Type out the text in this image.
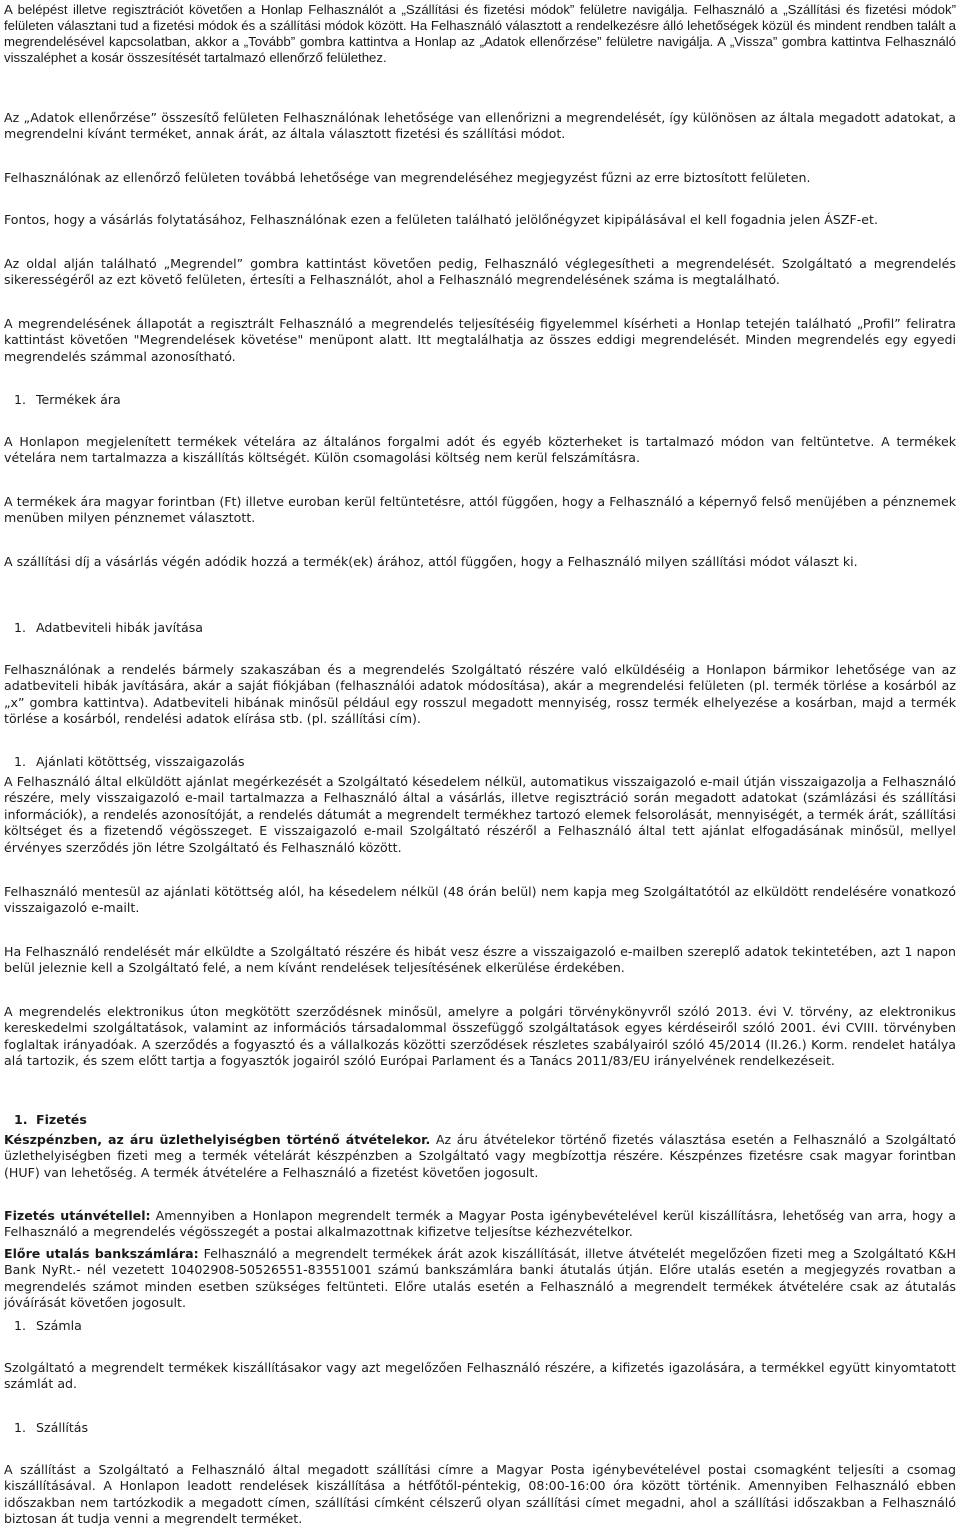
A belépést illetve regisztrációt követően a Honlap Felhasználót a „Szállítási és fizetési módok” felületre navigálja. Felhasználó a „Szállítási és fizetési módok” felületen választani tud a fizetési módok és a szállítási módok között. Ha Felhasználó választott a rendelkezésre álló lehetőségek közül és mindent rendben talált a megrendelésével kapcsolatban, akkor a „Tovább” gombra kattintva a Honlap az „Adatok ellenőrzése” felületre navigálja. A „Vissza” gombra kattintva Felhasználó visszaléphet a kosár összesítését tartalmazó ellenőrző felülethez.

Az „Adatok ellenőrzése” összesítő felületen Felhasználónak lehetősége van ellenőrizni a megrendelését, így különösen az általa megadott adatokat, a megrendelni kívánt terméket, annak árát, az általa választott fizetési és szállítási módot.

Felhasználónak az ellenőrző felületen továbbá lehetősége van megrendeléséhez megjegyzést fűzni az erre biztosított felületen.

Fontos, hogy a vásárlás folytatásához, Felhasználónak ezen a felületen található jelölőnégyzet kipipálásával el kell fogadnia jelen ÁSZF-et.

Az oldal alján található „Megrendel” gombra kattintást követően pedig, Felhasználó véglegesítheti a megrendelését. Szolgáltató a megrendelés sikerességéről az ezt követő felületen, értesíti a Felhasználót, ahol a Felhasználó megrendelésének száma is megtalálható.

A megrendelésének állapotát a regisztrált Felhasználó a megrendelés teljesítéséig figyelemmel kísérheti a Honlap tetején található „Profil” feliratra kattintást követően "Megrendelések követése" menüpont alatt. Itt megtalálhatja az összes eddigi megrendelését. Minden megrendelés egy egyedi megrendelés számmal azonosítható.

1. Termékek ára

A Honlapon megjelenített termékek vételára az általános forgalmi adót és egyéb közterheket is tartalmazó módon van feltüntetve. A termékek vételára nem tartalmazza a kiszállítás költségét. Külön csomagolási költség nem kerül felszámításra.

A termékek ára magyar forintban (Ft) illetve euroban kerül feltüntetésre, attól függően, hogy a Felhasználó a képernyő felső menüjében a pénznemek menüben milyen pénznemet választott.

A szállítási díj a vásárlás végén adódik hozzá a termék(ek) árához, attól függően, hogy a Felhasználó milyen szállítási módot választ ki.

1. Adatbeviteli hibák javítása

Felhasználónak a rendelés bármely szakaszában és a megrendelés Szolgáltató részére való elküldéséig a Honlapon bármikor lehetősége van az adatbeviteli hibák javítására, akár a saját fiókjában (felhasználói adatok módosítása), akár a megrendelési felületen (pl. termék törlése a kosárból az „x” gombra kattintva). Adatbeviteli hibának minősül például egy rosszul megadott mennyiség, rossz termék elhelyezése a kosárban, majd a termék törlése a kosárból, rendelési adatok elírása stb. (pl. szállítási cím).

1. Ajánlati kötöttség, visszaigazolás

A Felhasználó által elküldött ajánlat megérkezését a Szolgáltató késedelem nélkül, automatikus visszaigazoló e-mail útján visszaigazolja a Felhasználó részére, mely visszaigazoló e-mail tartalmazza a Felhasználó által a vásárlás, illetve regisztráció során megadott adatokat (számlázási és szállítási információk), a rendelés azonosítóját, a rendelés dátumát a megrendelt termékhez tartozó elemek felsorolását, mennyiségét, a termék árát, szállítási költséget és a fizetendő végösszeget. E visszaigazoló e-mail Szolgáltató részéről a Felhasználó által tett ajánlat elfogadásának minősül, mellyel érvényes szerződés jön létre Szolgáltató és Felhasználó között.

Felhasználó mentesül az ajánlati kötöttség alól, ha késedelem nélkül (48 órán belül) nem kapja meg Szolgáltatótól az elküldött rendelésére vonatkozó visszaigazoló e-mailt.

Ha Felhasználó rendelését már elküldte a Szolgáltató részére és hibát vesz észre a visszaigazoló e-mailben szereplő adatok tekintetében, azt 1 napon belül jeleznie kell a Szolgáltató felé, a nem kívánt rendelések teljesítésének elkerülése érdekében.

A megrendelés elektronikus úton megkötött szerződésnek minősül, amelyre a polgári törvénykönyvről szóló 2013. évi V. törvény, az elektronikus kereskedelmi szolgáltatások, valamint az információs társadalommal összefüggő szolgáltatások egyes kérdéseiről szóló 2001. évi CVIII. törvényben foglaltak irányadóak. A szerződés a fogyasztó és a vállalkozás közötti szerződések részletes szabályairól szóló 45/2014 (II.26.) Korm. rendelet hatálya alá tartozik, és szem előtt tartja a fogyasztók jogairól szóló Európai Parlament és a Tanács 2011/83/EU irányelvének rendelkezéseit.

1. Fizetés

Készpénzben, az áru üzlethelyiségben történő átvételekor. Az áru átvételekor történő fizetés választása esetén a Felhasználó a Szolgáltató üzlethelyiségben fizeti meg a termék vételárát készpénzben a Szolgáltató vagy megbízottja részére. Készpénzes fizetésre csak magyar forintban (HUF) van lehetőség. A termék átvételére a Felhasználó a fizetést követően jogosult.

Fizetés utánvétellel: Amennyiben a Honlapon megrendelt termék a Magyar Posta igénybevételével kerül kiszállításra, lehetőség van arra, hogy a Felhasználó a megrendelés végösszegét a postai alkalmazottnak kifizetve teljesítse kézhezvételkor.

Előre utalás bankszámlára: Felhasználó a megrendelt termékek árát azok kiszállítását, illetve átvételét megelőzően fizeti meg a Szolgáltató K&H Bank NyRt.- nél vezetett 10402908-50526551-83551001 számú bankszámlára banki átutalás útján. Előre utalás esetén a megjegyzés rovatban a megrendelés számot minden esetben szükséges feltünteti. Előre utalás esetén a Felhasználó a megrendelt termékek átvételére csak az átutalás jóváírását követően jogosult.

1. Számla

Szolgáltató a megrendelt termékek kiszállításakor vagy azt megelőzően Felhasználó részére, a kifizetés igazolására, a termékkel együtt kinyomtatott számlát ad.

1. Szállítás

A szállítást a Szolgáltató a Felhasználó által megadott szállítási címre a Magyar Posta igénybevételével postai csomagként teljesíti a csomag kiszállításával. A Honlapon leadott rendelések kiszállítása a hétfőtől-péntekig, 08:00-16:00 óra között történik. Amennyiben Felhasználó ebben időszakban nem tartózkodik a megadott címen, szállítási címként célszerű olyan szállítási címet megadni, ahol a szállítási időszakban a Felhasználó biztosan át tudja venni a megrendelt terméket.
